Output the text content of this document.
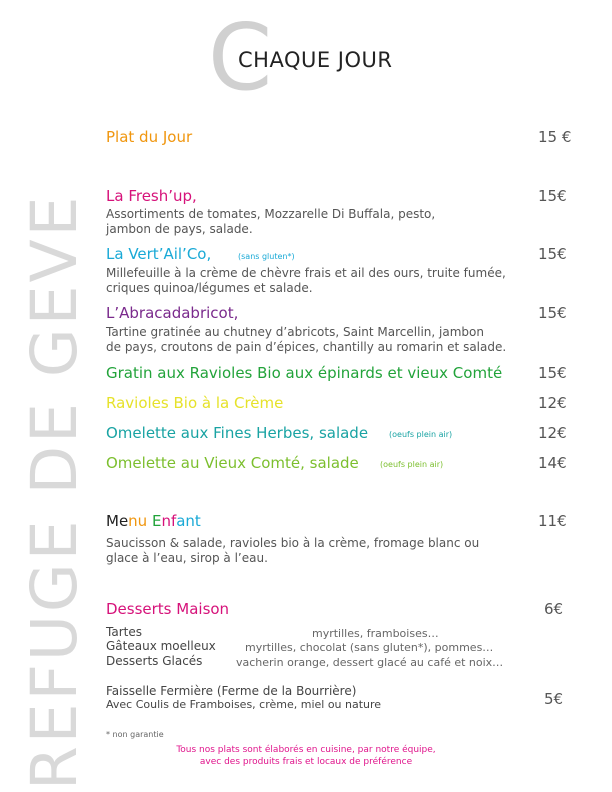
REFUGE DE GEVE
C
CHAQUE JOUR
Plat du Jour	15 €
La Fresh’up,	15€
Assortiments de tomates, Mozzarelle Di Buffala, pesto,
jambon de pays, salade.
La Vert’Ail’Co,	(sans gluten*)	15€
Millefeuille à la crème de chèvre frais et ail des ours, truite fumée,
criques quinoa/légumes et salade.
L’Abracadabricot,	15€
Tartine gratinée au chutney d’abricots, Saint Marcellin, jambon
de pays, croutons de pain d’épices, chantilly au romarin et salade.
Gratin aux Ravioles Bio aux épinards et vieux Comté 15€
Ravioles Bio à la Crème	12€
Omelette aux Fines Herbes, salade	(oeufs plein air)	12€
Omelette au Vieux Comté, salade	(oeufs plein air)	14€
Menu Enfant	11€
Saucisson & salade, ravioles bio à la crème, fromage blanc ou
glace à l’eau, sirop à l’eau.
Desserts Maison	6€
Tartes	myrtilles, framboises…
Gâteaux moelleux	myrtilles, chocolat (sans gluten*), pommes…
Desserts Glacés	vacherin orange, dessert glacé au café et noix…
Faisselle Fermière (Ferme de la Bourrière)
Avec Coulis de Framboises, crème, miel ou nature	5€
* non garantie
Tous nos plats sont élaborés en cuisine, par notre équipe,
avec des produits frais et locaux de préférence
